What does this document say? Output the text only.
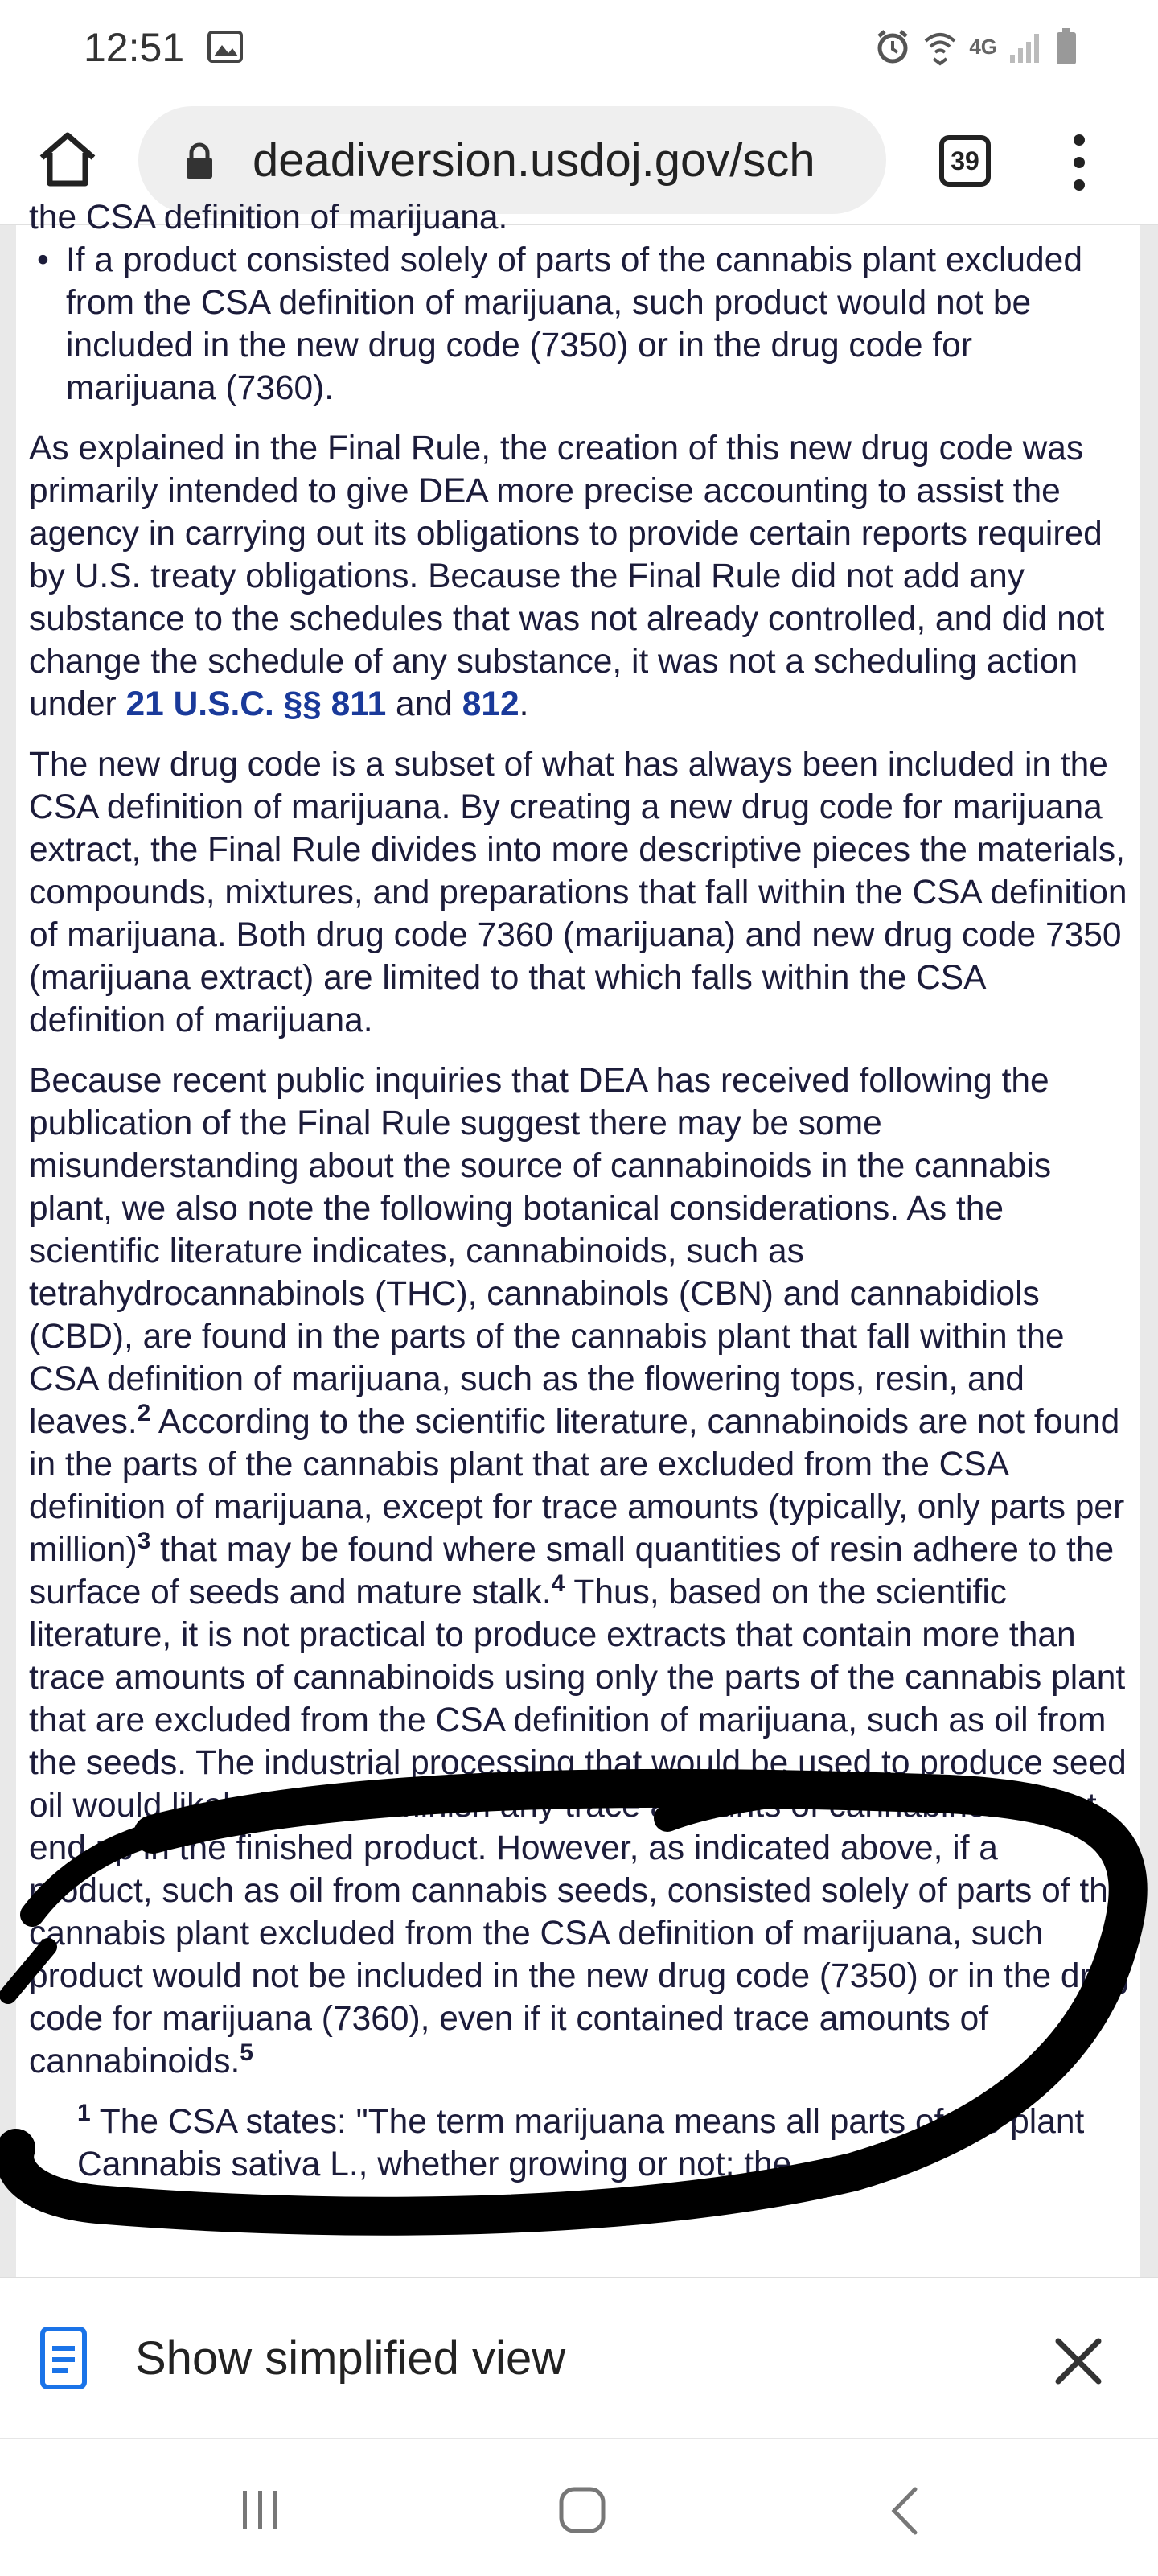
12:51	4G
deadiversion.usdoj.gov/sch	39
the CSA definition of marijuana.
• If a product consisted solely of parts of the cannabis plant excluded from the CSA definition of marijuana, such product would not be included in the new drug code (7350) or in the drug code for marijuana (7360).

As explained in the Final Rule, the creation of this new drug code was primarily intended to give DEA more precise accounting to assist the agency in carrying out its obligations to provide certain reports required by U.S. treaty obligations. Because the Final Rule did not add any substance to the schedules that was not already controlled, and did not change the schedule of any substance, it was not a scheduling action under 21 U.S.C. §§ 811 and 812.

The new drug code is a subset of what has always been included in the CSA definition of marijuana. By creating a new drug code for marijuana extract, the Final Rule divides into more descriptive pieces the materials, compounds, mixtures, and preparations that fall within the CSA definition of marijuana. Both drug code 7360 (marijuana) and new drug code 7350 (marijuana extract) are limited to that which falls within the CSA definition of marijuana.

Because recent public inquiries that DEA has received following the publication of the Final Rule suggest there may be some misunderstanding about the source of cannabinoids in the cannabis plant, we also note the following botanical considerations. As the scientific literature indicates, cannabinoids, such as tetrahydrocannabinols (THC), cannabinols (CBN) and cannabidiols (CBD), are found in the parts of the cannabis plant that fall within the CSA definition of marijuana, such as the flowering tops, resin, and leaves.$^2$ According to the scientific literature, cannabinoids are not found in the parts of the cannabis plant that are excluded from the CSA definition of marijuana, except for trace amounts (typically, only parts per million)$^3$ that may be found where small quantities of resin adhere to the surface of seeds and mature stalk.$^4$ Thus, based on the scientific literature, it is not practical to produce extracts that contain more than trace amounts of cannabinoids using only the parts of the cannabis plant that are excluded from the CSA definition of marijuana, such as oil from the seeds. The industrial processing that would be used to produce seed oil would likely further diminish any trace amounts of cannabinoids that end up in the finished product. However, as indicated above, if a product, such as oil from cannabis seeds, consisted solely of parts of the cannabis plant excluded from the CSA definition of marijuana, such product would not be included in the new drug code (7350) or in the drug code for marijuana (7360), even if it contained trace amounts of cannabinoids.$^5$

$^1$ The CSA states: "The term marijuana means all parts of the plant Cannabis sativa L., whether growing or not; the

Show simplified view
